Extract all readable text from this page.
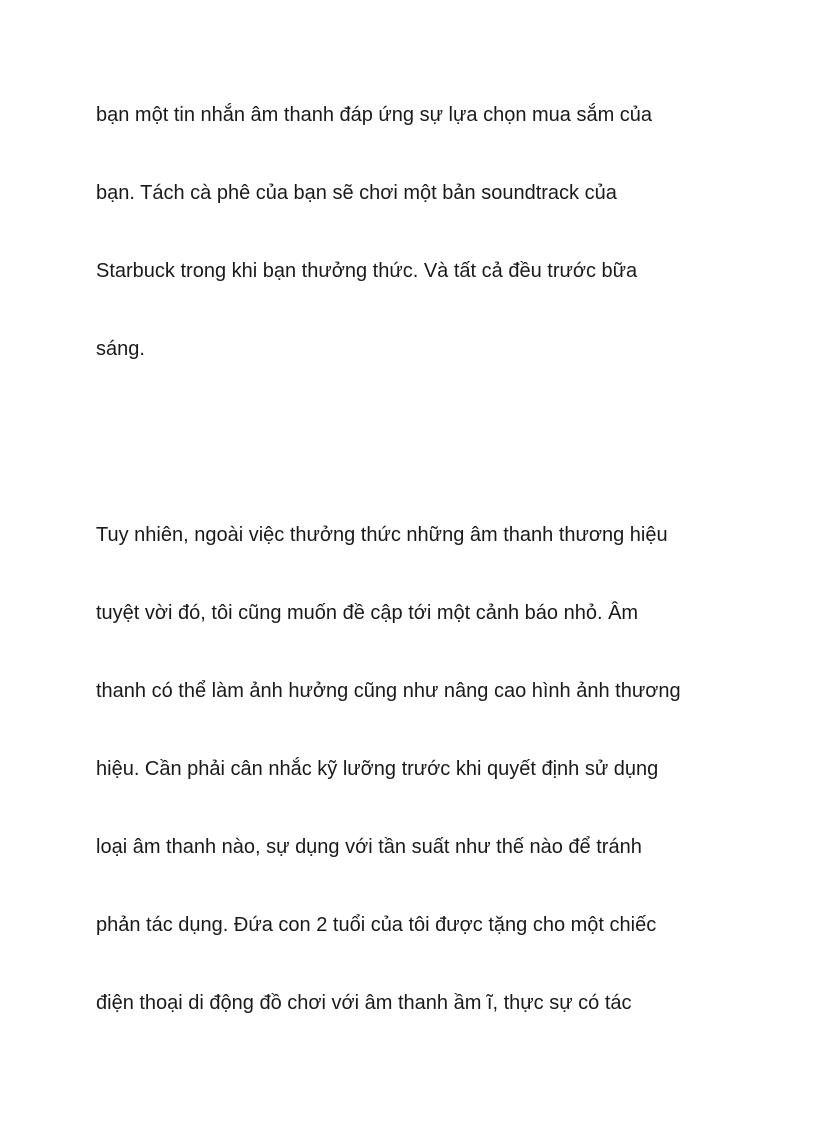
bạn một tin nhắn âm thanh đáp ứng sự lựa chọn mua sắm của
bạn. Tách cà phê của bạn sẽ chơi một bản soundtrack của
Starbuck trong khi bạn thưởng thức. Và tất cả đều trước bữa
sáng.
Tuy nhiên, ngoài việc thưởng thức những âm thanh thương hiệu
tuyệt vời đó, tôi cũng muốn đề cập tới một cảnh báo nhỏ. Âm
thanh có thể làm ảnh hưởng cũng như nâng cao hình ảnh thương
hiệu. Cần phải cân nhắc kỹ lưỡng trước khi quyết định sử dụng
loại âm thanh nào, sự dụng với tần suất như thế nào để tránh
phản tác dụng. Đứa con 2 tuổi của tôi được tặng cho một chiếc
điện thoại di động đồ chơi với âm thanh ầm ĩ, thực sự có tác
